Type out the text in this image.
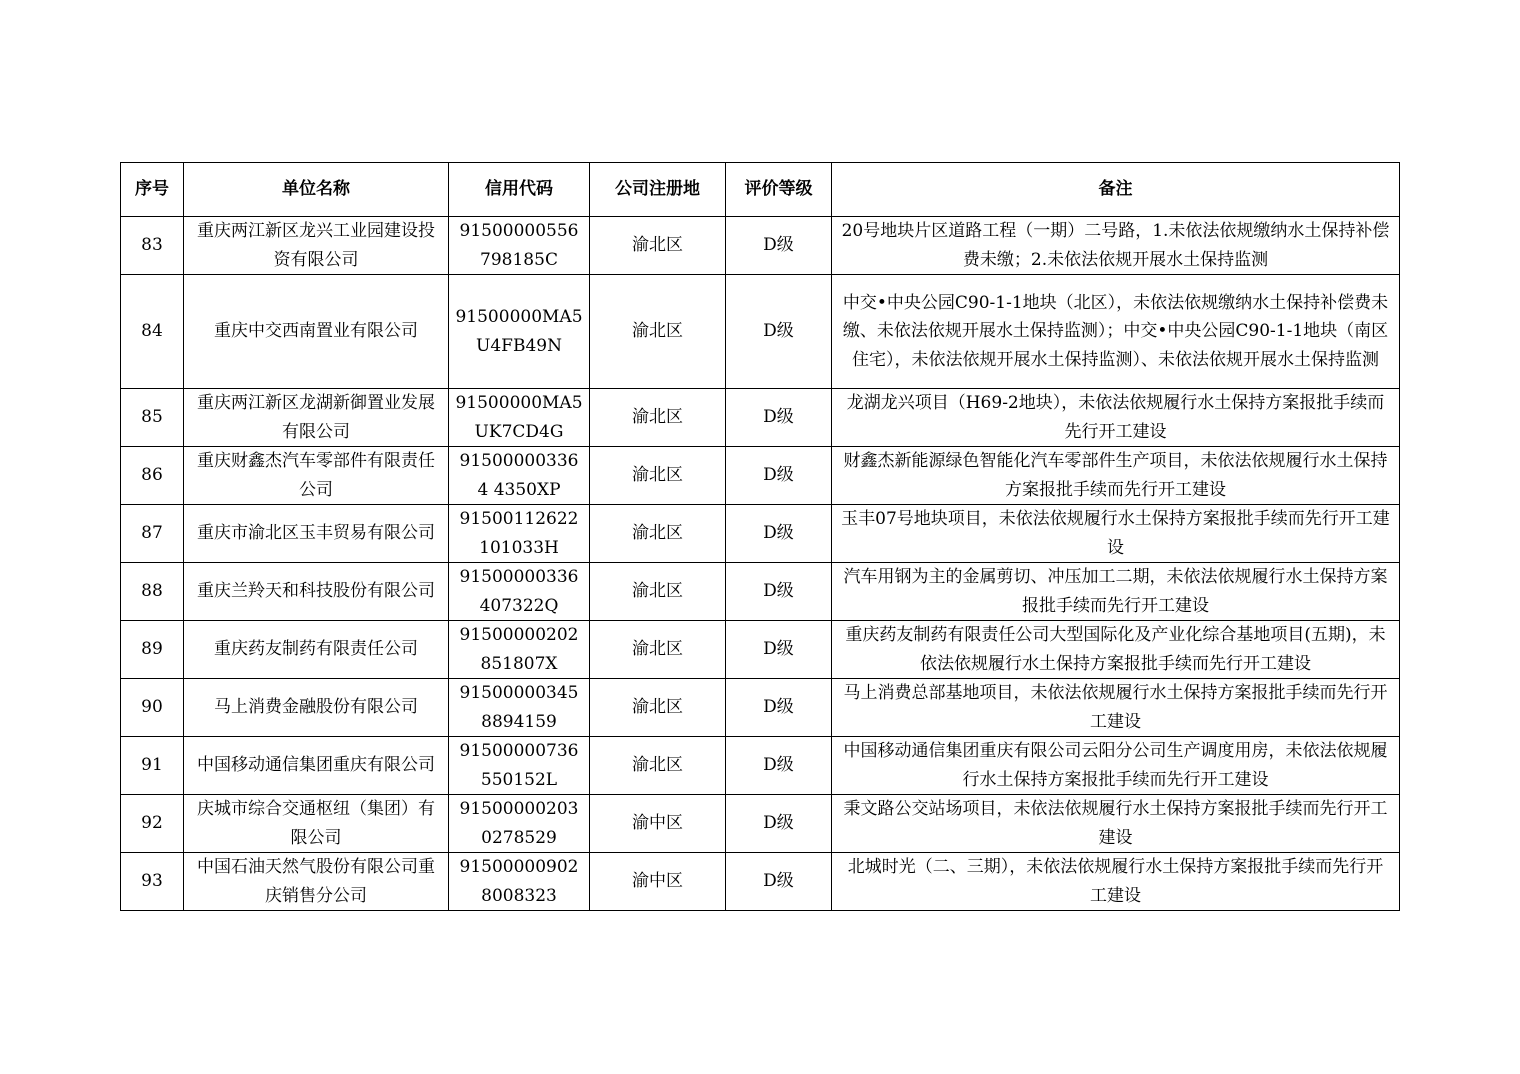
序号	单位名称	信用代码	公司注册地	评价等级	备注
83	重庆两江新区龙兴工业园建设投资有限公司	91500000556798185C	渝北区	D级	20号地块片区道路工程（一期）二号路，1.未依法依规缴纳水土保持补偿费未缴；2.未依法依规开展水土保持监测
84	重庆中交西南置业有限公司	91500000MA5U4FB49N	渝北区	D级	中交•中央公园C90-1-1地块（北区），未依法依规缴纳水土保持补偿费未缴、未依法依规开展水土保持监测）；中交•中央公园C90-1-1地块（南区住宅），未依法依规开展水土保持监测）、未依法依规开展水土保持监测
85	重庆两江新区龙湖新御置业发展有限公司	91500000MA5UK7CD4G	渝北区	D级	龙湖龙兴项目（H69-2地块），未依法依规履行水土保持方案报批手续而先行开工建设
86	重庆财鑫杰汽车零部件有限责任公司	915000003364 4350XP	渝北区	D级	财鑫杰新能源绿色智能化汽车零部件生产项目，未依法依规履行水土保持方案报批手续而先行开工建设
87	重庆市渝北区玉丰贸易有限公司	91500112622101033H	渝北区	D级	玉丰07号地块项目，未依法依规履行水土保持方案报批手续而先行开工建设
88	重庆兰羚天和科技股份有限公司	91500000336407322Q	渝北区	D级	汽车用钢为主的金属剪切、冲压加工二期，未依法依规履行水土保持方案报批手续而先行开工建设
89	重庆药友制药有限责任公司	91500000202851807X	渝北区	D级	重庆药友制药有限责任公司大型国际化及产业化综合基地项目(五期)，未依法依规履行水土保持方案报批手续而先行开工建设
90	马上消费金融股份有限公司	915000003458894159	渝北区	D级	马上消费总部基地项目，未依法依规履行水土保持方案报批手续而先行开工建设
91	中国移动通信集团重庆有限公司	91500000736550152L	渝北区	D级	中国移动通信集团重庆有限公司云阳分公司生产调度用房，未依法依规履行水土保持方案报批手续而先行开工建设
92	庆城市综合交通枢纽（集团）有限公司	915000002030278529	渝中区	D级	秉文路公交站场项目，未依法依规履行水土保持方案报批手续而先行开工建设
93	中国石油天然气股份有限公司重庆销售分公司	915000009028008323	渝中区	D级	北城时光（二、三期），未依法依规履行水土保持方案报批手续而先行开工建设
